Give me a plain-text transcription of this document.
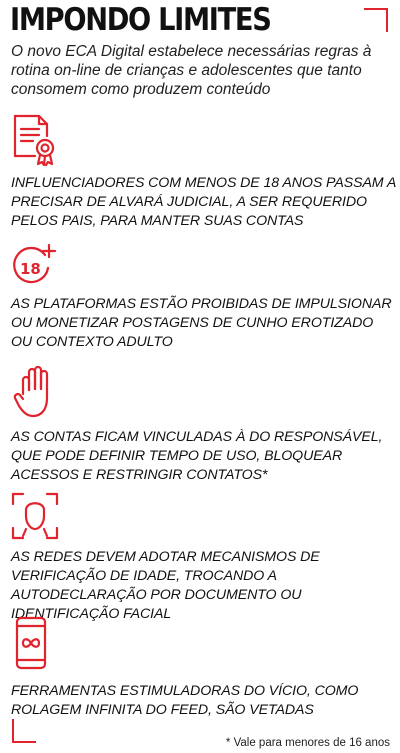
IMPONDO LIMITES

O novo ECA Digital estabelece necessárias regras à rotina on-line de crianças e adolescentes que tanto consomem como produzem conteúdo

INFLUENCIADORES COM MENOS DE 18 ANOS PASSAM A PRECISAR DE ALVARÁ JUDICIAL, A SER REQUERIDO PELOS PAIS, PARA MANTER SUAS CONTAS

18

AS PLATAFORMAS ESTÃO PROIBIDAS DE IMPULSIONAR OU MONETIZAR POSTAGENS DE CUNHO EROTIZADO OU CONTEXTO ADULTO

AS CONTAS FICAM VINCULADAS À DO RESPONSÁVEL, QUE PODE DEFINIR TEMPO DE USO, BLOQUEAR ACESSOS E RESTRINGIR CONTATOS*

AS REDES DEVEM ADOTAR MECANISMOS DE VERIFICAÇÃO DE IDADE, TROCANDO A AUTODECLARAÇÃO POR DOCUMENTO OU IDENTIFICAÇÃO FACIAL

FERRAMENTAS ESTIMULADORAS DO VÍCIO, COMO ROLAGEM INFINITA DO FEED, SÃO VETADAS

* Vale para menores de 16 anos
